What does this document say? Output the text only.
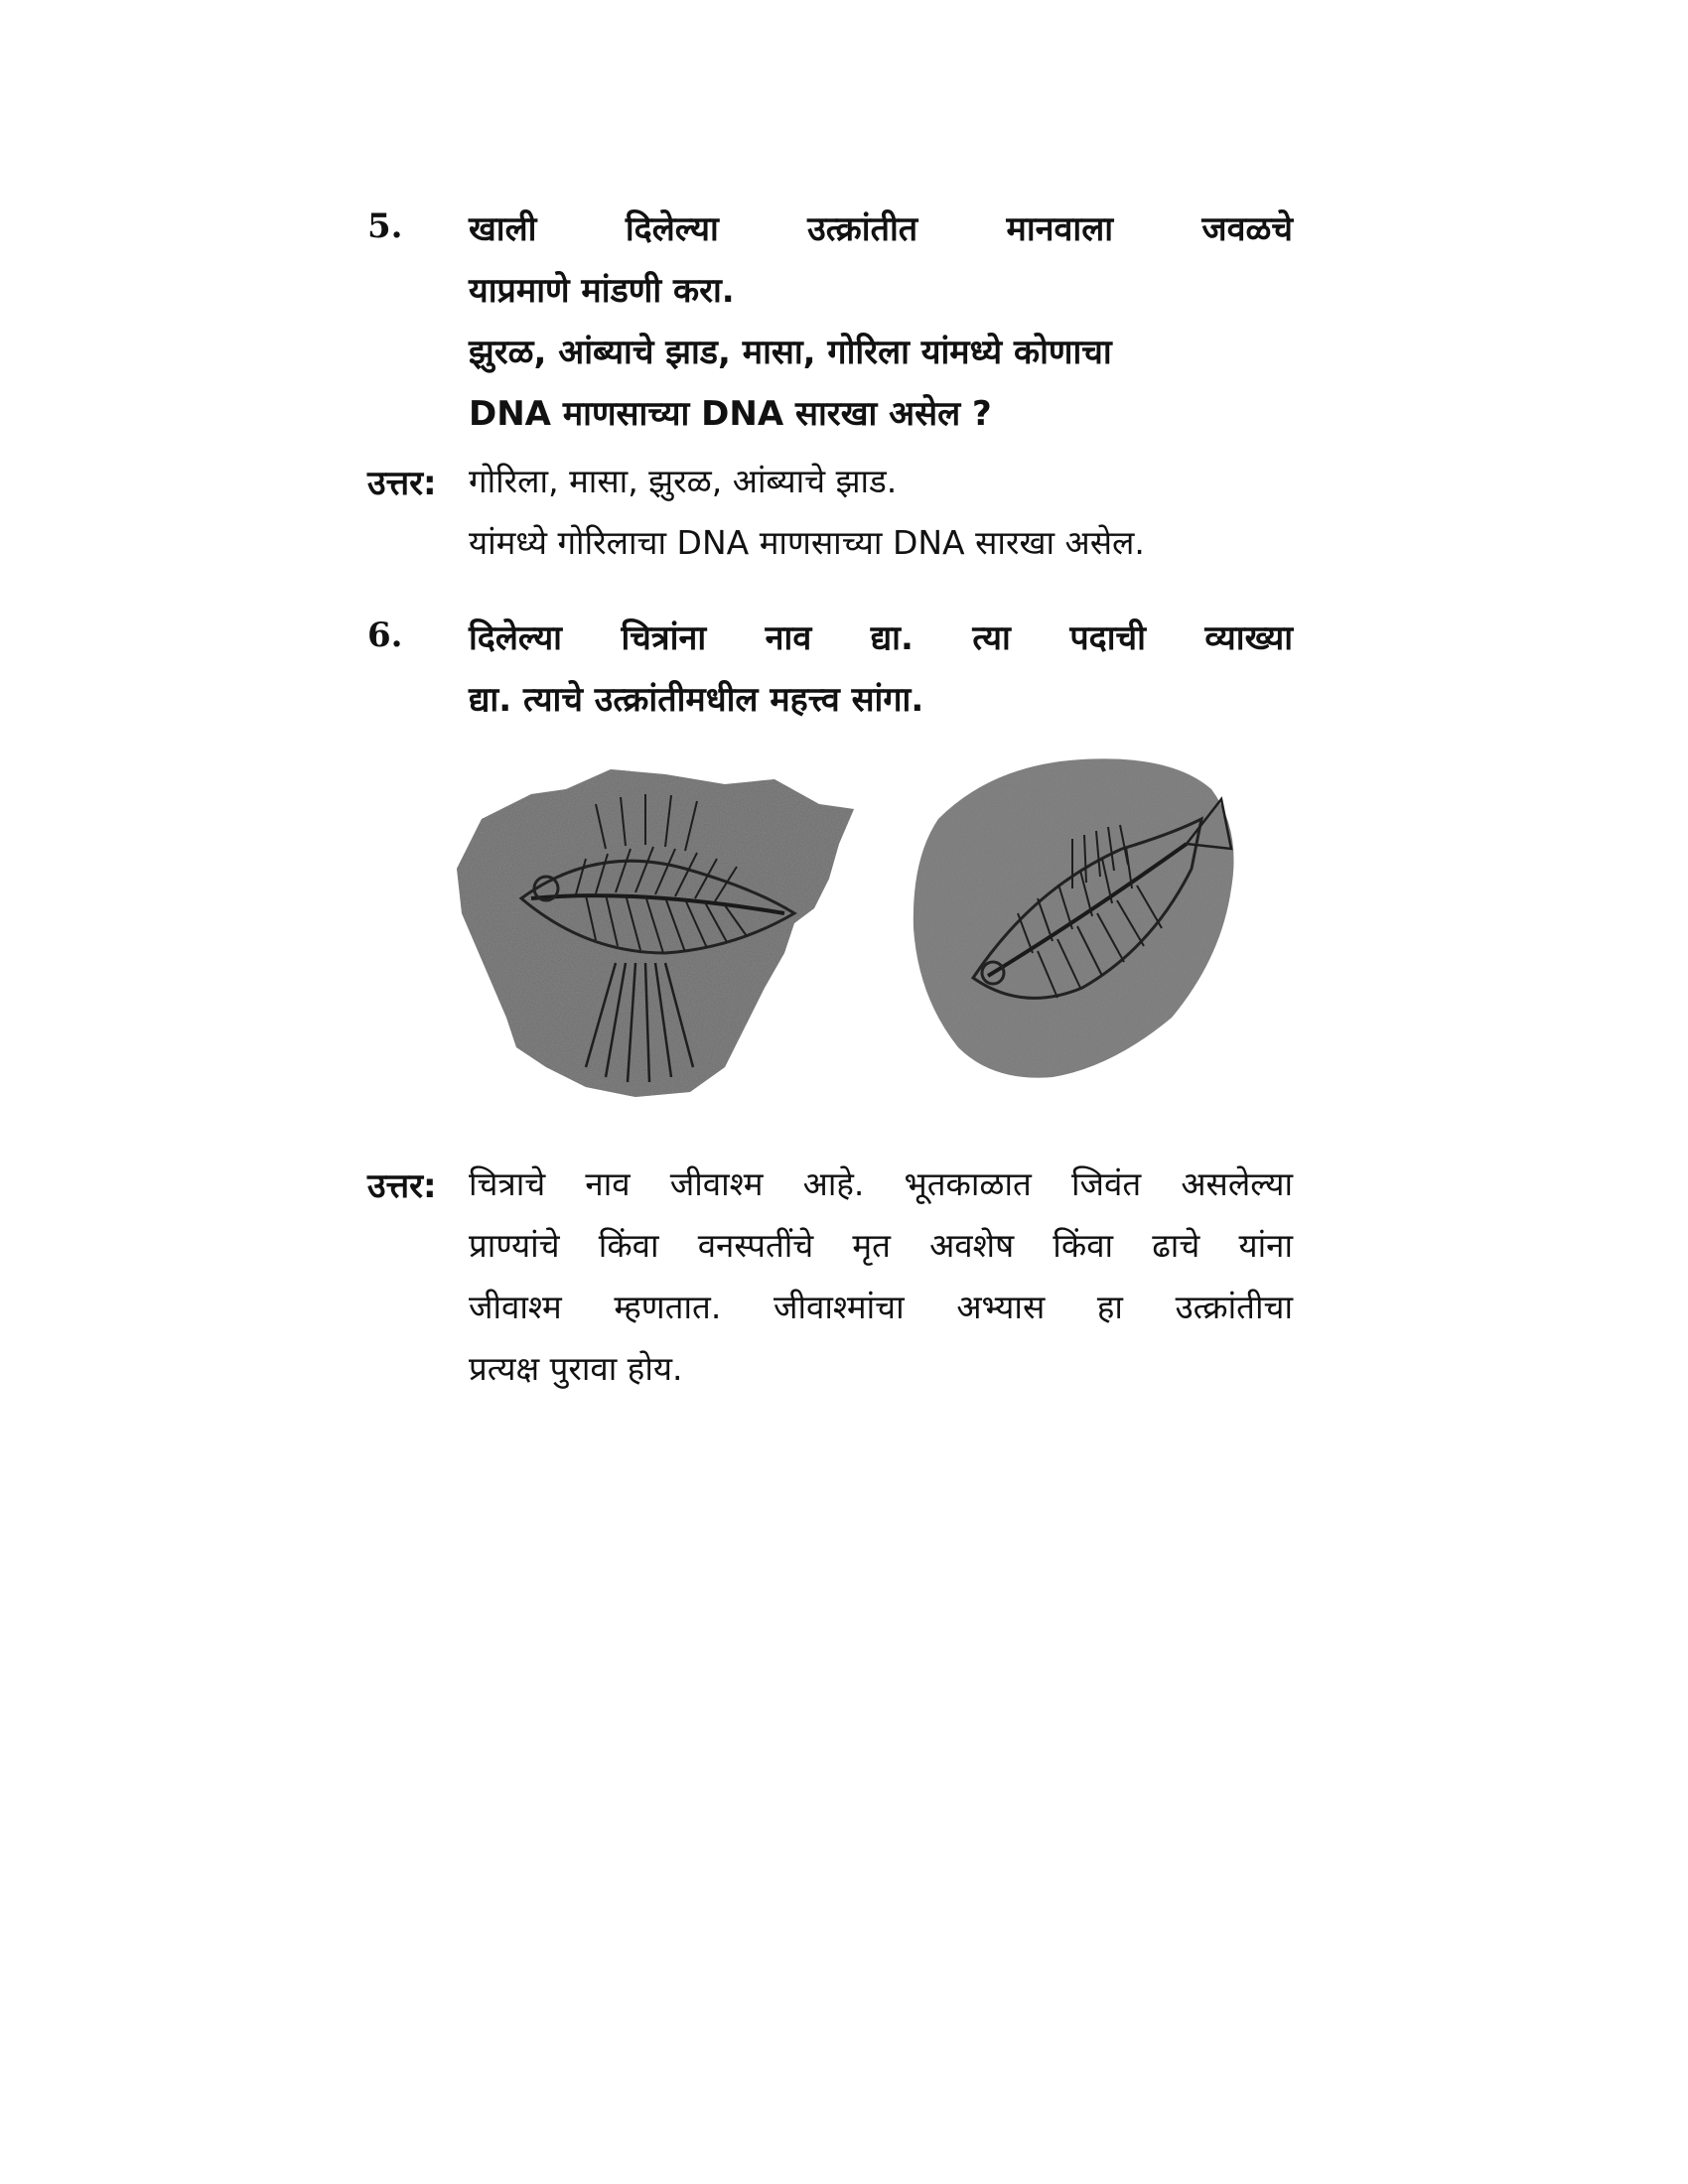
5. खाली दिलेल्या उत्क्रांतीत मानवाला जवळचे
याप्रमाणे मांडणी करा.
झुरळ, आंब्याचे झाड, मासा, गोरिला यांमध्ये कोणाचा
DNA माणसाच्या DNA सारखा असेल ?
उत्तर: गोरिला, मासा, झुरळ, आंब्याचे झाड.
यांमध्ये गोरिलाचा DNA माणसाच्या DNA सारखा असेल.
6. दिलेल्या चित्रांना नाव द्या. त्या पदाची व्याख्या
द्या. त्याचे उत्क्रांतीमधील महत्त्व सांगा.
उत्तर: चित्राचे नाव जीवाश्म आहे. भूतकाळात जिवंत असलेल्या
प्राण्यांचे किंवा वनस्पतींचे मृत अवशेष किंवा ढाचे यांना
जीवाश्म म्हणतात. जीवाश्मांचा अभ्यास हा उत्क्रांतीचा
प्रत्यक्ष पुरावा होय.
